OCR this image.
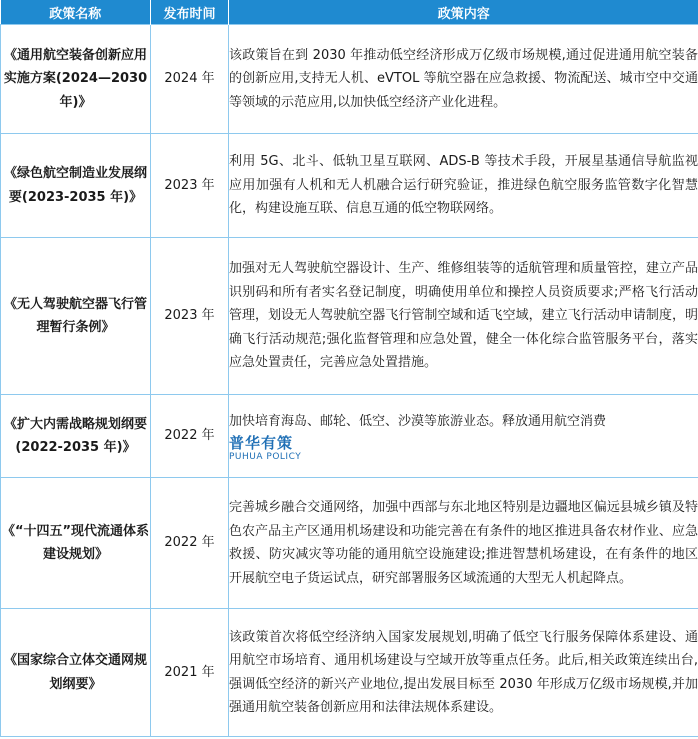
政策名称	发布时间	政策内容
《通用航空装备创新应用实施方案(2024—2030年)》	2024 年	该政策旨在到 2030 年推动低空经济形成万亿级市场规模,通过促进通用航空装备的创新应用,支持无人机、eVTOL 等航空器在应急救援、物流配送、城市空中交通等领域的示范应用,以加快低空经济产业化进程。
《绿色航空制造业发展纲要(2023-2035 年)》	2023 年	利用 5G、北斗、低轨卫星互联网、ADS-B 等技术手段，开展星基通信导航监视应用加强有人机和无人机融合运行研究验证，推进绿色航空服务监管数字化智慧化，构建设施互联、信息互通的低空物联网络。
《无人驾驶航空器飞行管理暂行条例》	2023 年	加强对无人驾驶航空器设计、生产、维修组装等的适航管理和质量管控，建立产品识别码和所有者实名登记制度，明确使用单位和操控人员资质要求;严格飞行活动管理，划设无人驾驶航空器飞行管制空域和适飞空域，建立飞行活动申请制度，明确飞行活动规范;强化监督管理和应急处置，健全一体化综合监管服务平台，落实应急处置责任，完善应急处置措施。
《扩大内需战略规划纲要(2022-2035 年)》	2022 年	加快培育海岛、邮轮、低空、沙漠等旅游业态。释放通用航空消费
普华有策
PUHUA POLICY

《“十四五”现代流通体系建设规划》	2022 年	完善城乡融合交通网络，加强中西部与东北地区特别是边疆地区偏远县城乡镇及特色农产品主产区通用机场建设和功能完善在有条件的地区推进具备农材作业、应急救援、防灾减灾等功能的通用航空设施建设;推进智慧机场建设，在有条件的地区开展航空电子货运试点，研究部署服务区域流通的大型无人机起降点。
《国家综合立体交通网规划纲要》	2021 年	该政策首次将低空经济纳入国家发展规划,明确了低空飞行服务保障体系建设、通用航空市场培育、通用机场建设与空域开放等重点任务。此后,相关政策连续出台,强调低空经济的新兴产业地位,提出发展目标至 2030 年形成万亿级市场规模,并加强通用航空装备创新应用和法律法规体系建设。
